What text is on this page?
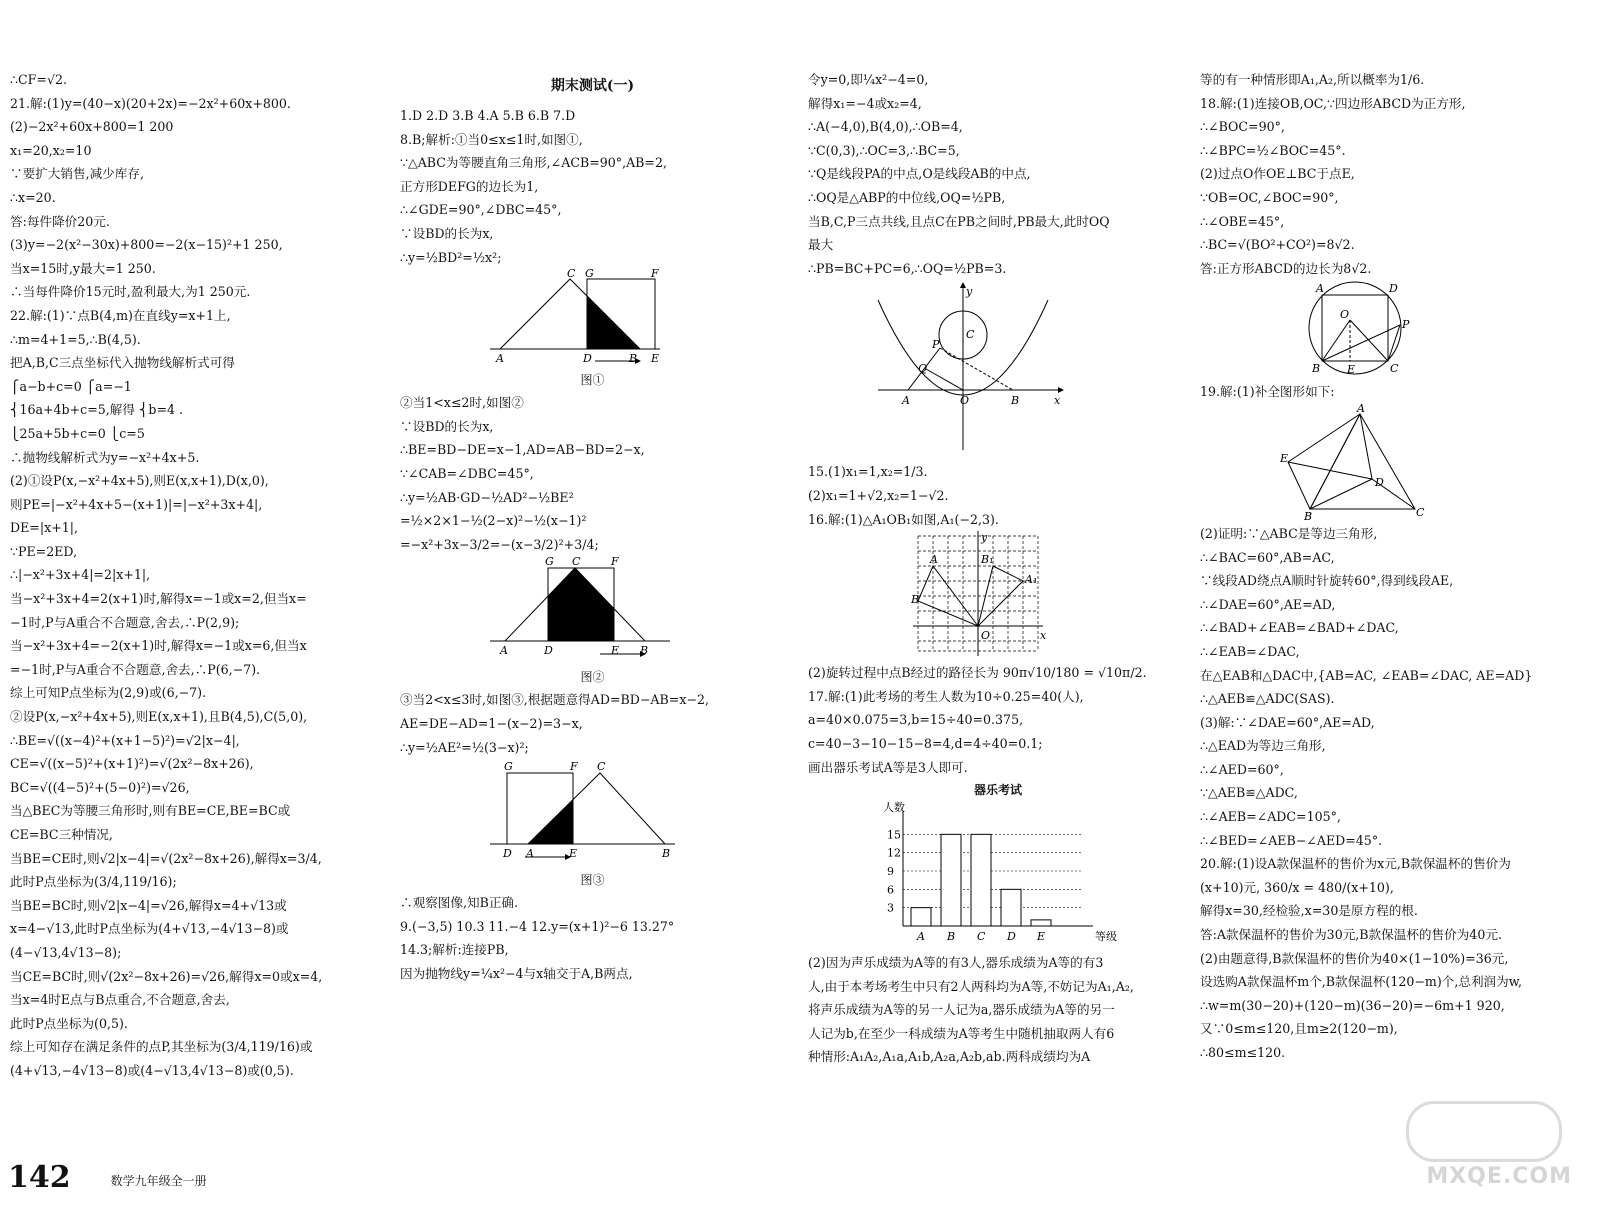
∴CF=√2.
21.解:(1)y=(40−x)(20+2x)=−2x²+60x+800.
(2)−2x²+60x+800=1 200
x₁=20,x₂=10
∵要扩大销售,减少库存,
∴x=20.
答:每件降价20元.
(3)y=−2(x²−30x)+800=−2(x−15)²+1 250,
当x=15时,y最大=1 250.
∴当每件降价15元时,盈利最大,为1 250元.
22.解:(1)∵点B(4,m)在直线y=x+1上,
∴m=4+1=5,∴B(4,5).
把A,B,C三点坐标代入抛物线解析式可得
⎧a−b+c=0 ⎧a=−1
⎨16a+4b+c=5,解得 ⎨b=4 .
⎩25a+5b+c=0 ⎩c=5
∴抛物线解析式为y=−x²+4x+5.
(2)①设P(x,−x²+4x+5),则E(x,x+1),D(x,0),
则PE=|−x²+4x+5−(x+1)|=|−x²+3x+4|,
DE=|x+1|,
∵PE=2ED,
∴|−x²+3x+4|=2|x+1|,
当−x²+3x+4=2(x+1)时,解得x=−1或x=2,但当x=
−1时,P与A重合不合题意,舍去,∴P(2,9);
当−x²+3x+4=−2(x+1)时,解得x=−1或x=6,但当x
=−1时,P与A重合不合题意,舍去,∴P(6,−7).
综上可知P点坐标为(2,9)或(6,−7).
②设P(x,−x²+4x+5),则E(x,x+1),且B(4,5),C(5,0),
∴BE=√((x−4)²+(x+1−5)²)=√2|x−4|,
CE=√((x−5)²+(x+1)²)=√(2x²−8x+26),
BC=√((4−5)²+(5−0)²)=√26,
当△BEC为等腰三角形时,则有BE=CE,BE=BC或
CE=BC三种情况,
当BE=CE时,则√2|x−4|=√(2x²−8x+26),解得x=3/4,
此时P点坐标为(3/4,119/16);
当BE=BC时,则√2|x−4|=√26,解得x=4+√13或
x=4−√13,此时P点坐标为(4+√13,−4√13−8)或
(4−√13,4√13−8);
当CE=BC时,则√(2x²−8x+26)=√26,解得x=0或x=4,
当x=4时E点与B点重合,不合题意,舍去,
此时P点坐标为(0,5).
综上可知存在满足条件的点P,其坐标为(3/4,119/16)或
(4+√13,−4√13−8)或(4−√13,4√13−8)或(0,5).
期末测试(一)
1.D 2.D 3.B 4.A 5.B 6.B 7.D
8.B;解析:①当0≤x≤1时,如图①,
∵△ABC为等腰直角三角形,∠ACB=90°,AB=2,
正方形DEFG的边长为1,
∴∠GDE=90°,∠DBC=45°,
∵设BD的长为x,
∴y=½BD²=½x²;
A
C G	F
D	B E
图①
②当1<x≤2时,如图②
∵设BD的长为x,
∴BE=BD−DE=x−1,AD=AB−BD=2−x,
∵∠CAB=∠DBC=45°,
∴y=½AB·GD−½AD²−½BE²
=½×2×1−½(2−x)²−½(x−1)²
=−x²+3x−3/2=−(x−3/2)²+3/4;
A
G C	F
D	E B
图②
③当2<x≤3时,如图③,根据题意得AD=BD−AB=x−2,
AE=DE−AD=1−(x−2)=3−x,
∴y=½AE²=½(3−x)²;
G	F C
D A	E	B
图③
∴观察图像,知B正确.
9.(−3,5) 10.3 11.−4 12.y=(x+1)²−6 13.27°
14.3;解析:连接PB,
因为抛物线y=¼x²−4与x轴交于A,B两点,
令y=0,即¼x²−4=0,
解得x₁=−4或x₂=4,
∴A(−4,0),B(4,0),∴OB=4,
∵C(0,3),∴OC=3,∴BC=5,
∵Q是线段PA的中点,O是线段AB的中点,
∴OQ是△ABP的中位线,OQ=½PB,
当B,C,P三点共线,且点C在PB之间时,PB最大,此时OQ
最大
∴PB=BC+PC=6,∴OQ=½PB=3.
A	O	B	x
y
C
P
Q
15.(1)x₁=1,x₂=1/3.
(2)x₁=1+√2,x₂=1−√2.
16.解:(1)△A₁OB₁如图,A₁(−2,3).
A	B₁
B
A₁
O	x
y
(2)旋转过程中点B经过的路径长为 90π√10/180 = √10π/2.
17.解:(1)此考场的考生人数为10÷0.25=40(人),
a=40×0.075=3,b=15÷40=0.375,
c=40−3−10−15−8=4,d=4÷40=0.1;
画出器乐考试A等是3人即可.
器乐考试
人数
等级
3
6
9
12
15
A B C D E
(2)因为声乐成绩为A等的有3人,器乐成绩为A等的有3
人,由于本考场考生中只有2人两科均为A等,不妨记为A₁,A₂,
将声乐成绩为A等的另一人记为a,器乐成绩为A等的另一
人记为b,在至少一科成绩为A等考生中随机抽取两人有6
种情形:A₁A₂,A₁a,A₁b,A₂a,A₂b,ab.两科成绩均为A
等的有一种情形即A₁,A₂,所以概率为1/6.
18.解:(1)连接OB,OC,∵四边形ABCD为正方形,
∴∠BOC=90°,
∴∠BPC=½∠BOC=45°.
(2)过点O作OE⊥BC于点E,
∵OB=OC,∠BOC=90°,
∴∠OBE=45°,
∴BC=√(BO²+CO²)=8√2.
答:正方形ABCD的边长为8√2.
A	D
O
P
B E	C
19.解:(1)补全图形如下:
A
E
D
B	C
(2)证明:∵△ABC是等边三角形,
∴∠BAC=60°,AB=AC,
∵线段AD绕点A顺时针旋转60°,得到线段AE,
∴∠DAE=60°,AE=AD,
∴∠BAD+∠EAB=∠BAD+∠DAC,
∴∠EAB=∠DAC,
在△EAB和△DAC中,{AB=AC, ∠EAB=∠DAC, AE=AD}
∴△AEB≌△ADC(SAS).
(3)解:∵∠DAE=60°,AE=AD,
∴△EAD为等边三角形,
∴∠AED=60°,
∵△AEB≌△ADC,
∴∠AEB=∠ADC=105°,
∴∠BED=∠AEB−∠AED=45°.
20.解:(1)设A款保温杯的售价为x元,B款保温杯的售价为
(x+10)元, 360/x = 480/(x+10),
解得x=30,经检验,x=30是原方程的根.
答:A款保温杯的售价为30元,B款保温杯的售价为40元.
(2)由题意得,B款保温杯的售价为40×(1−10%)=36元,
设选购A款保温杯m个,B款保温杯(120−m)个,总利润为w,
∴w=m(30−20)+(120−m)(36−20)=−6m+1 920,
又∵0≤m≤120,且m≥2(120−m),
∴80≤m≤120.
142	数学九年级全一册	MXQE.COM
